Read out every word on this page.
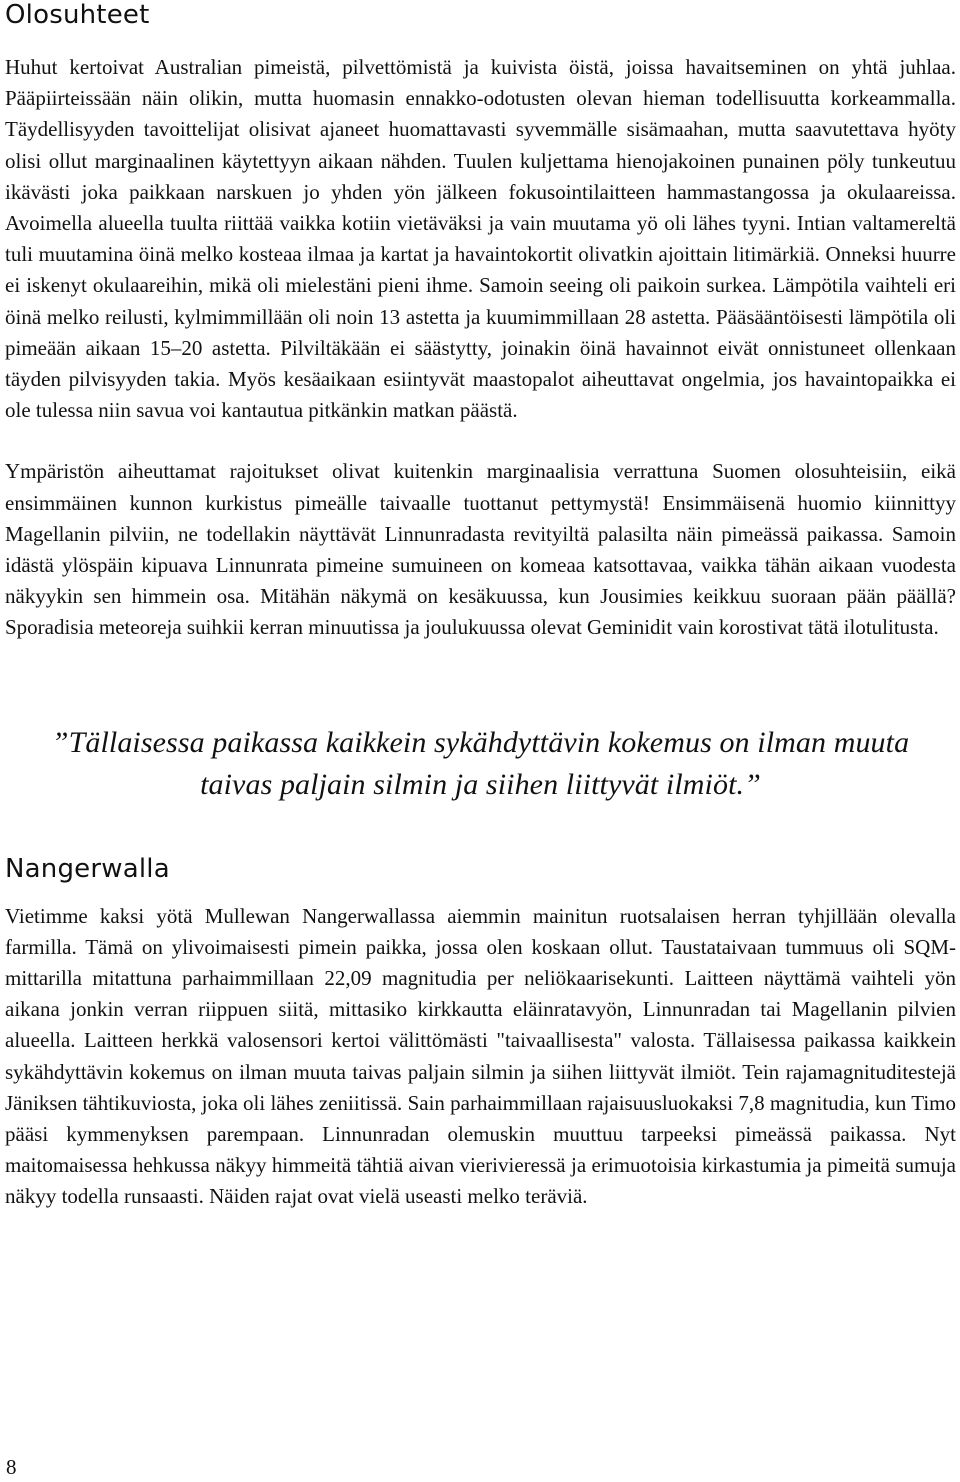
Olosuhteet

Huhut kertoivat Australian pimeistä, pilvettömistä ja kuivista öistä, joissa havaitseminen on yhtä juhlaa. Pääpiirteissään näin olikin, mutta huomasin ennakko-odotusten olevan hieman todellisuutta korkeammalla. Täydellisyyden tavoittelijat olisivat ajaneet huomattavasti syvemmälle sisämaahan, mutta saavutettava hyöty olisi ollut marginaalinen käytettyyn aikaan nähden. Tuulen kuljettama hienojakoinen punainen pöly tunkeutuu ikävästi joka paikkaan narskuen jo yhden yön jälkeen fokusointilaitteen hammastangossa ja okulaareissa. Avoimella alueella tuulta riittää vaikka kotiin vietäväksi ja vain muutama yö oli lähes tyyni. Intian valtamereltä tuli muutamina öinä melko kosteaa ilmaa ja kartat ja havaintokortit olivatkin ajoittain litimärkiä. Onneksi huurre ei iskenyt okulaareihin, mikä oli mielestäni pieni ihme. Samoin seeing oli paikoin surkea. Lämpötila vaihteli eri öinä melko reilusti, kylmimmillään oli noin 13 astetta ja kuumimmillaan 28 astetta. Pääsääntöisesti lämpötila oli pimeään aikaan 15–20 astetta. Pilviltäkään ei säästytty, joinakin öinä havainnot eivät onnistuneet ollenkaan täyden pilvisyyden takia. Myös kesäaikaan esiintyvät maastopalot aiheuttavat ongelmia, jos havaintopaikka ei ole tulessa niin savua voi kantautua pitkänkin matkan päästä.

Ympäristön aiheuttamat rajoitukset olivat kuitenkin marginaalisia verrattuna Suomen olosuhteisiin, eikä ensimmäinen kunnon kurkistus pimeälle taivaalle tuottanut pettymystä! Ensimmäisenä huomio kiinnittyy Magellanin pilviin, ne todellakin näyttävät Linnunradasta revityiltä palasilta näin pimeässä paikassa. Samoin idästä ylöspäin kipuava Linnunrata pimeine sumuineen on komeaa katsottavaa, vaikka tähän aikaan vuodesta näkyykin sen himmein osa. Mitähän näkymä on kesäkuussa, kun Jousimies keikkuu suoraan pään päällä? Sporadisia meteoreja suihkii kerran minuutissa ja joulukuussa olevat Geminidit vain korostivat tätä ilotulitusta.

”Tällaisessa paikassa kaikkein sykähdyttävin kokemus on ilman muuta
taivas paljain silmin ja siihen liittyvät ilmiöt.”
Nangerwalla

Vietimme kaksi yötä Mullewan Nangerwallassa aiemmin mainitun ruotsalaisen herran tyhjillään olevalla farmilla. Tämä on ylivoimaisesti pimein paikka, jossa olen koskaan ollut. Taustataivaan tummuus oli SQM-mittarilla mitattuna parhaimmillaan 22,09 magnitudia per neliökaarisekunti. Laitteen näyttämä vaihteli yön aikana jonkin verran riippuen siitä, mittasiko kirkkautta eläinratavyön, Linnunradan tai Magellanin pilvien alueella. Laitteen herkkä valosensori kertoi välittömästi "taivaallisesta" valosta. Tällaisessa paikassa kaikkein sykähdyttävin kokemus on ilman muuta taivas paljain silmin ja siihen liittyvät ilmiöt. Tein rajamagnituditestejä Jäniksen tähtikuviosta, joka oli lähes zeniitissä. Sain parhaimmillaan rajaisuusluokaksi 7,8 magnitudia, kun Timo pääsi kymmenyksen parempaan. Linnunradan olemuskin muuttuu tarpeeksi pimeässä paikassa. Nyt maitomaisessa hehkussa näkyy himmeitä tähtiä aivan vierivieressä ja erimuotoisia kirkastumia ja pimeitä sumuja näkyy todella runsaasti. Näiden rajat ovat vielä useasti melko teräviä.

8
